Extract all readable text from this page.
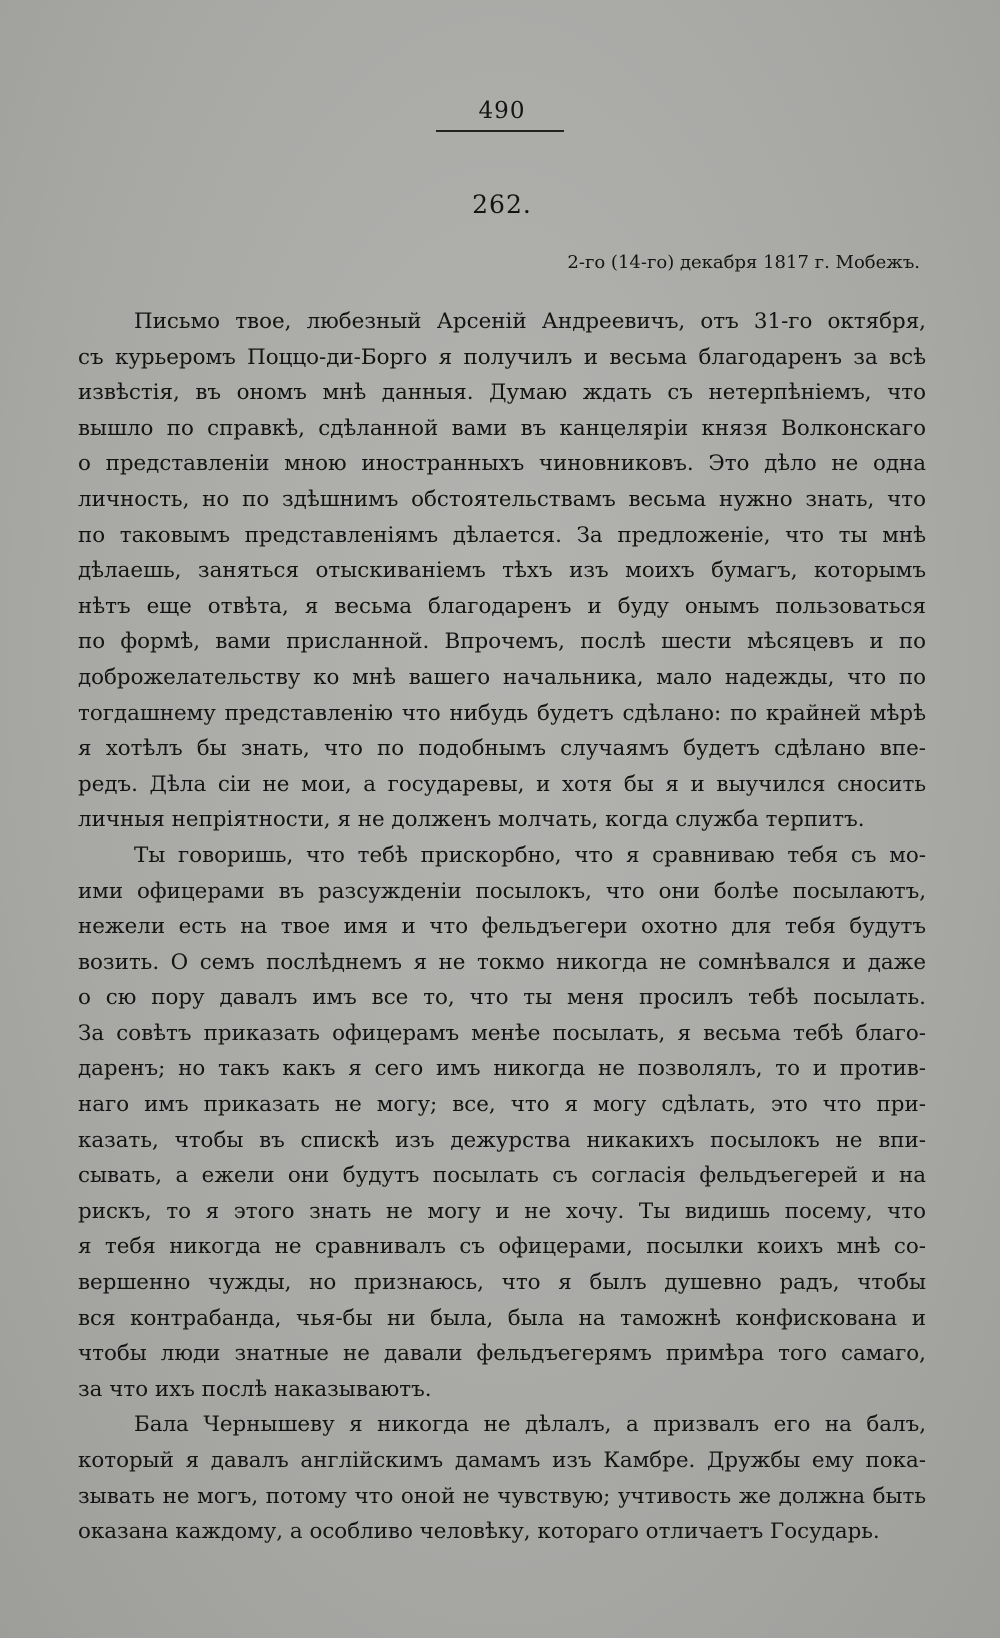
490
262.
2-го (14-го) декабря 1817 г. Мобежъ.
Письмо твое, любезный Арсеній Андреевичъ, отъ 31-го октября,
съ курьеромъ Поццо-ди-Борго я получилъ и весьма благодаренъ за всѣ
извѣстія, въ ономъ мнѣ данныя. Думаю ждать съ нетерпѣніемъ, что
вышло по справкѣ, сдѣланной вами въ канцеляріи князя Волконскаго
о представленіи мною иностранныхъ чиновниковъ. Это дѣло не одна
личность, но по здѣшнимъ обстоятельствамъ весьма нужно знать, что
по таковымъ представленіямъ дѣлается. За предложеніе, что ты мнѣ
дѣлаешь, заняться отыскиваніемъ тѣхъ изъ моихъ бумагъ, которымъ
нѣтъ еще отвѣта, я весьма благодаренъ и буду онымъ пользоваться
по формѣ, вами присланной. Впрочемъ, послѣ шести мѣсяцевъ и по
доброжелательству ко мнѣ вашего начальника, мало надежды, что по
тогдашнему представленію что нибудь будетъ сдѣлано: по крайней мѣрѣ
я хотѣлъ бы знать, что по подобнымъ случаямъ будетъ сдѣлано впе-
редъ. Дѣла сіи не мои, а государевы, и хотя бы я и выучился сносить
личныя непріятности, я не долженъ молчать, когда служба терпитъ.
Ты говоришь, что тебѣ прискорбно, что я сравниваю тебя съ мо-
ими офицерами въ разсужденіи посылокъ, что они болѣе посылаютъ,
нежели есть на твое имя и что фельдъегери охотно для тебя будутъ
возить. О семъ послѣднемъ я не токмо никогда не сомнѣвался и даже
о сю пору давалъ имъ все то, что ты меня просилъ тебѣ посылать.
За совѣтъ приказать офицерамъ менѣе посылать, я весьма тебѣ благо-
даренъ; но такъ какъ я сего имъ никогда не позволялъ, то и против-
наго имъ приказать не могу; все, что я могу сдѣлать, это что при-
казать, чтобы въ спискѣ изъ дежурства никакихъ посылокъ не впи-
сывать, а ежели они будутъ посылать съ согласія фельдъегерей и на
рискъ, то я этого знать не могу и не хочу. Ты видишь посему, что
я тебя никогда не сравнивалъ съ офицерами, посылки коихъ мнѣ со-
вершенно чужды, но признаюсь, что я былъ душевно радъ, чтобы
вся контрабанда, чья-бы ни была, была на таможнѣ конфискована и
чтобы люди знатные не давали фельдъегерямъ примѣра того самаго,
за что ихъ послѣ наказываютъ.
Бала Чернышеву я никогда не дѣлалъ, а призвалъ его на балъ,
который я давалъ англійскимъ дамамъ изъ Камбре. Дружбы ему пока-
зывать не могъ, потому что оной не чувствую; учтивость же должна быть
оказана каждому, а особливо человѣку, котораго отличаетъ Государь.
